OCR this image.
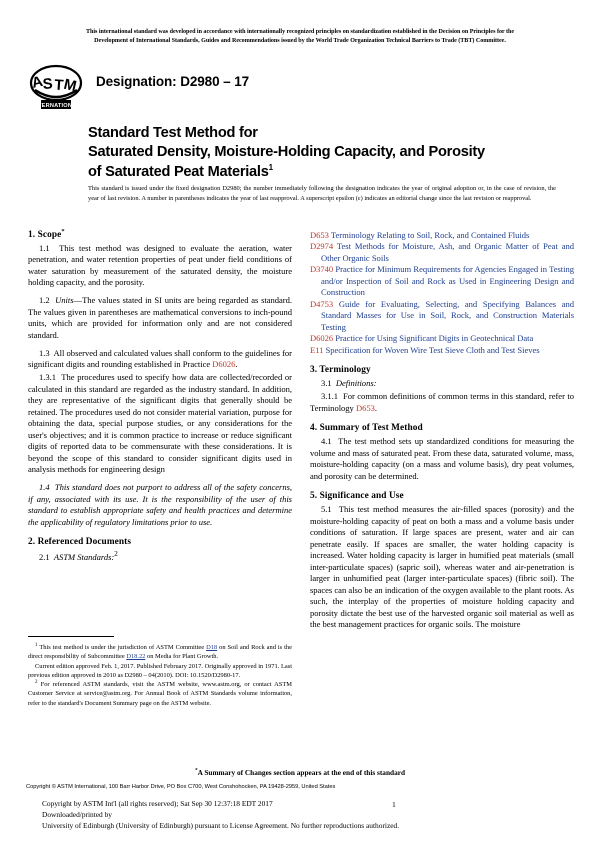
This international standard was developed in accordance with internationally recognized principles on standardization established in the Decision on Principles for the
Development of International Standards, Guides and Recommendations issued by the World Trade Organization Technical Barriers to Trade (TBT) Committee.
A
S T
M
INTERNATIONAL
Designation: D2980 – 17
Standard Test Method for
Saturated Density, Moisture-Holding Capacity, and Porosity
of Saturated Peat Materials$^1$
This standard is issued under the fixed designation D2980; the number immediately following the designation indicates the year of original adoption or, in the case of revision, the year of last revision. A number in parentheses indicates the year of last reapproval. A superscript epsilon (ε) indicates an editorial change since the last revision or reapproval.
1. Scope*

1.1 This test method was designed to evaluate the aeration, water penetration, and water retention properties of peat under field conditions of water saturation by measurement of the saturated density, the moisture holding capacity, and the porosity.

1.2 Units—The values stated in SI units are being regarded as standard. The values given in parentheses are mathematical conversions to inch-pound units, which are provided for information only and are not considered standard.

1.3 All observed and calculated values shall conform to the guidelines for significant digits and rounding established in Practice D6026.

1.3.1 The procedures used to specify how data are collected/recorded or calculated in this standard are regarded as the industry standard. In addition, they are representative of the significant digits that generally should be retained. The procedures used do not consider material variation, purpose for obtaining the data, special purpose studies, or any considerations for the user's objectives; and it is common practice to increase or reduce significant digits of reported data to be commensurate with these considerations. It is beyond the scope of this standard to consider significant digits used in analysis methods for engineering design

1.4 This standard does not purport to address all of the safety concerns, if any, associated with its use. It is the responsibility of the user of this standard to establish appropriate safety and health practices and determine the applicability of regulatory limitations prior to use.

2. Referenced Documents

2.1 ASTM Standards:$^2$

D653 Terminology Relating to Soil, Rock, and Contained Fluids

D2974 Test Methods for Moisture, Ash, and Organic Matter of Peat and Other Organic Soils

D3740 Practice for Minimum Requirements for Agencies Engaged in Testing and/or Inspection of Soil and Rock as Used in Engineering Design and Construction

D4753 Guide for Evaluating, Selecting, and Specifying Balances and Standard Masses for Use in Soil, Rock, and Construction Materials Testing

D6026 Practice for Using Significant Digits in Geotechnical Data

E11 Specification for Woven Wire Test Sieve Cloth and Test Sieves

3. Terminology

3.1 Definitions:

3.1.1 For common definitions of common terms in this standard, refer to Terminology D653.

4. Summary of Test Method

4.1 The test method sets up standardized conditions for measuring the volume and mass of saturated peat. From these data, saturated volume, mass, moisture-holding capacity (on a mass and volume basis), dry peat volumes, and porosity can be determined.

5. Significance and Use

5.1 This test method measures the air-filled spaces (porosity) and the moisture-holding capacity of peat on both a mass and a volume basis under conditions of saturation. If large spaces are present, water and air can penetrate easily. If spaces are smaller, the water holding capacity is increased. Water holding capacity is larger in humified peat materials (small inter-particulate spaces) (sapric soil), whereas water and air-penetration is larger in unhumified peat (larger inter-particulate spaces) (fibric soil). The spaces can also be an indication of the oxygen available to the plant roots. As such, the interplay of the properties of moisture holding capacity and porosity dictate the best use of the harvested organic soil material as well as the best management practices for organic soils. The moisture

$^1$ This test method is under the jurisdiction of ASTM Committee D18 on Soil and Rock and is the direct responsibility of Subcommittee D18.22 on Media for Plant Growth.

Current edition approved Feb. 1, 2017. Published February 2017. Originally approved in 1971. Last previous edition approved in 2010 as D2980 – 04(2010). DOI: 10.1520/D2980-17.

$^2$ For referenced ASTM standards, visit the ASTM website, www.astm.org, or contact ASTM Customer Service at service@astm.org. For Annual Book of ASTM Standards volume information, refer to the standard's Document Summary page on the ASTM website.

*A Summary of Changes section appears at the end of this standard
Copyright © ASTM International, 100 Barr Harbor Drive, PO Box C700, West Conshohocken, PA 19428-2959, United States
Copyright by ASTM Int'l (all rights reserved); Sat Sep 30 12:37:18 EDT 2017
Downloaded/printed by
University of Edinburgh (University of Edinburgh) pursuant to License Agreement. No further reproductions authorized.
1
